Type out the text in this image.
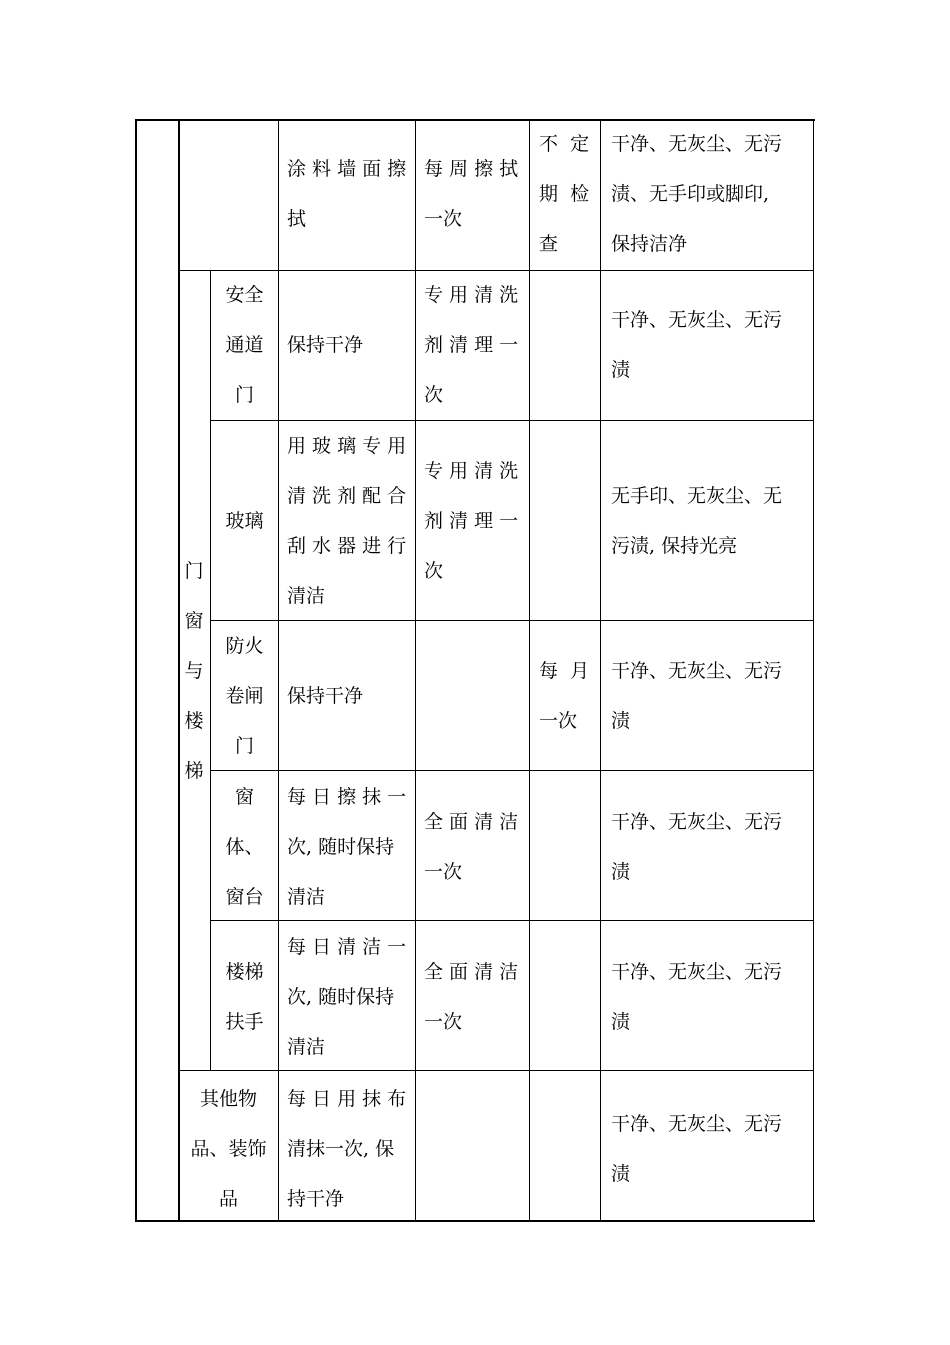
涂 料 墙 面 擦
拭
每 周 擦 拭
一次
不  定
期  检
查
干净、无灰尘、无污
渍、无手印或脚印,
保持洁净
门
窗
与
楼
梯
安全
通道
门
保持干净
专 用 清 洗
剂 清 理 一
次
干净、无灰尘、无污
渍
玻璃
用 玻 璃 专 用
清 洗 剂 配 合
刮 水 器 进 行
清洁
专 用 清 洗
剂 清 理 一
次
无手印、无灰尘、无
污渍, 保持光亮
防火
卷闸
门
保持干净
每  月
一次
干净、无灰尘、无污
渍
窗
体、
窗台
每 日 擦 抹 一
次, 随时保持
清洁
全 面 清 洁
一次
干净、无灰尘、无污
渍
楼梯
扶手
每 日 清 洁 一
次, 随时保持
清洁
全 面 清 洁
一次
干净、无灰尘、无污
渍
其他物
品、装饰
品
每 日 用 抹 布
清抹一次, 保
持干净
干净、无灰尘、无污
渍
